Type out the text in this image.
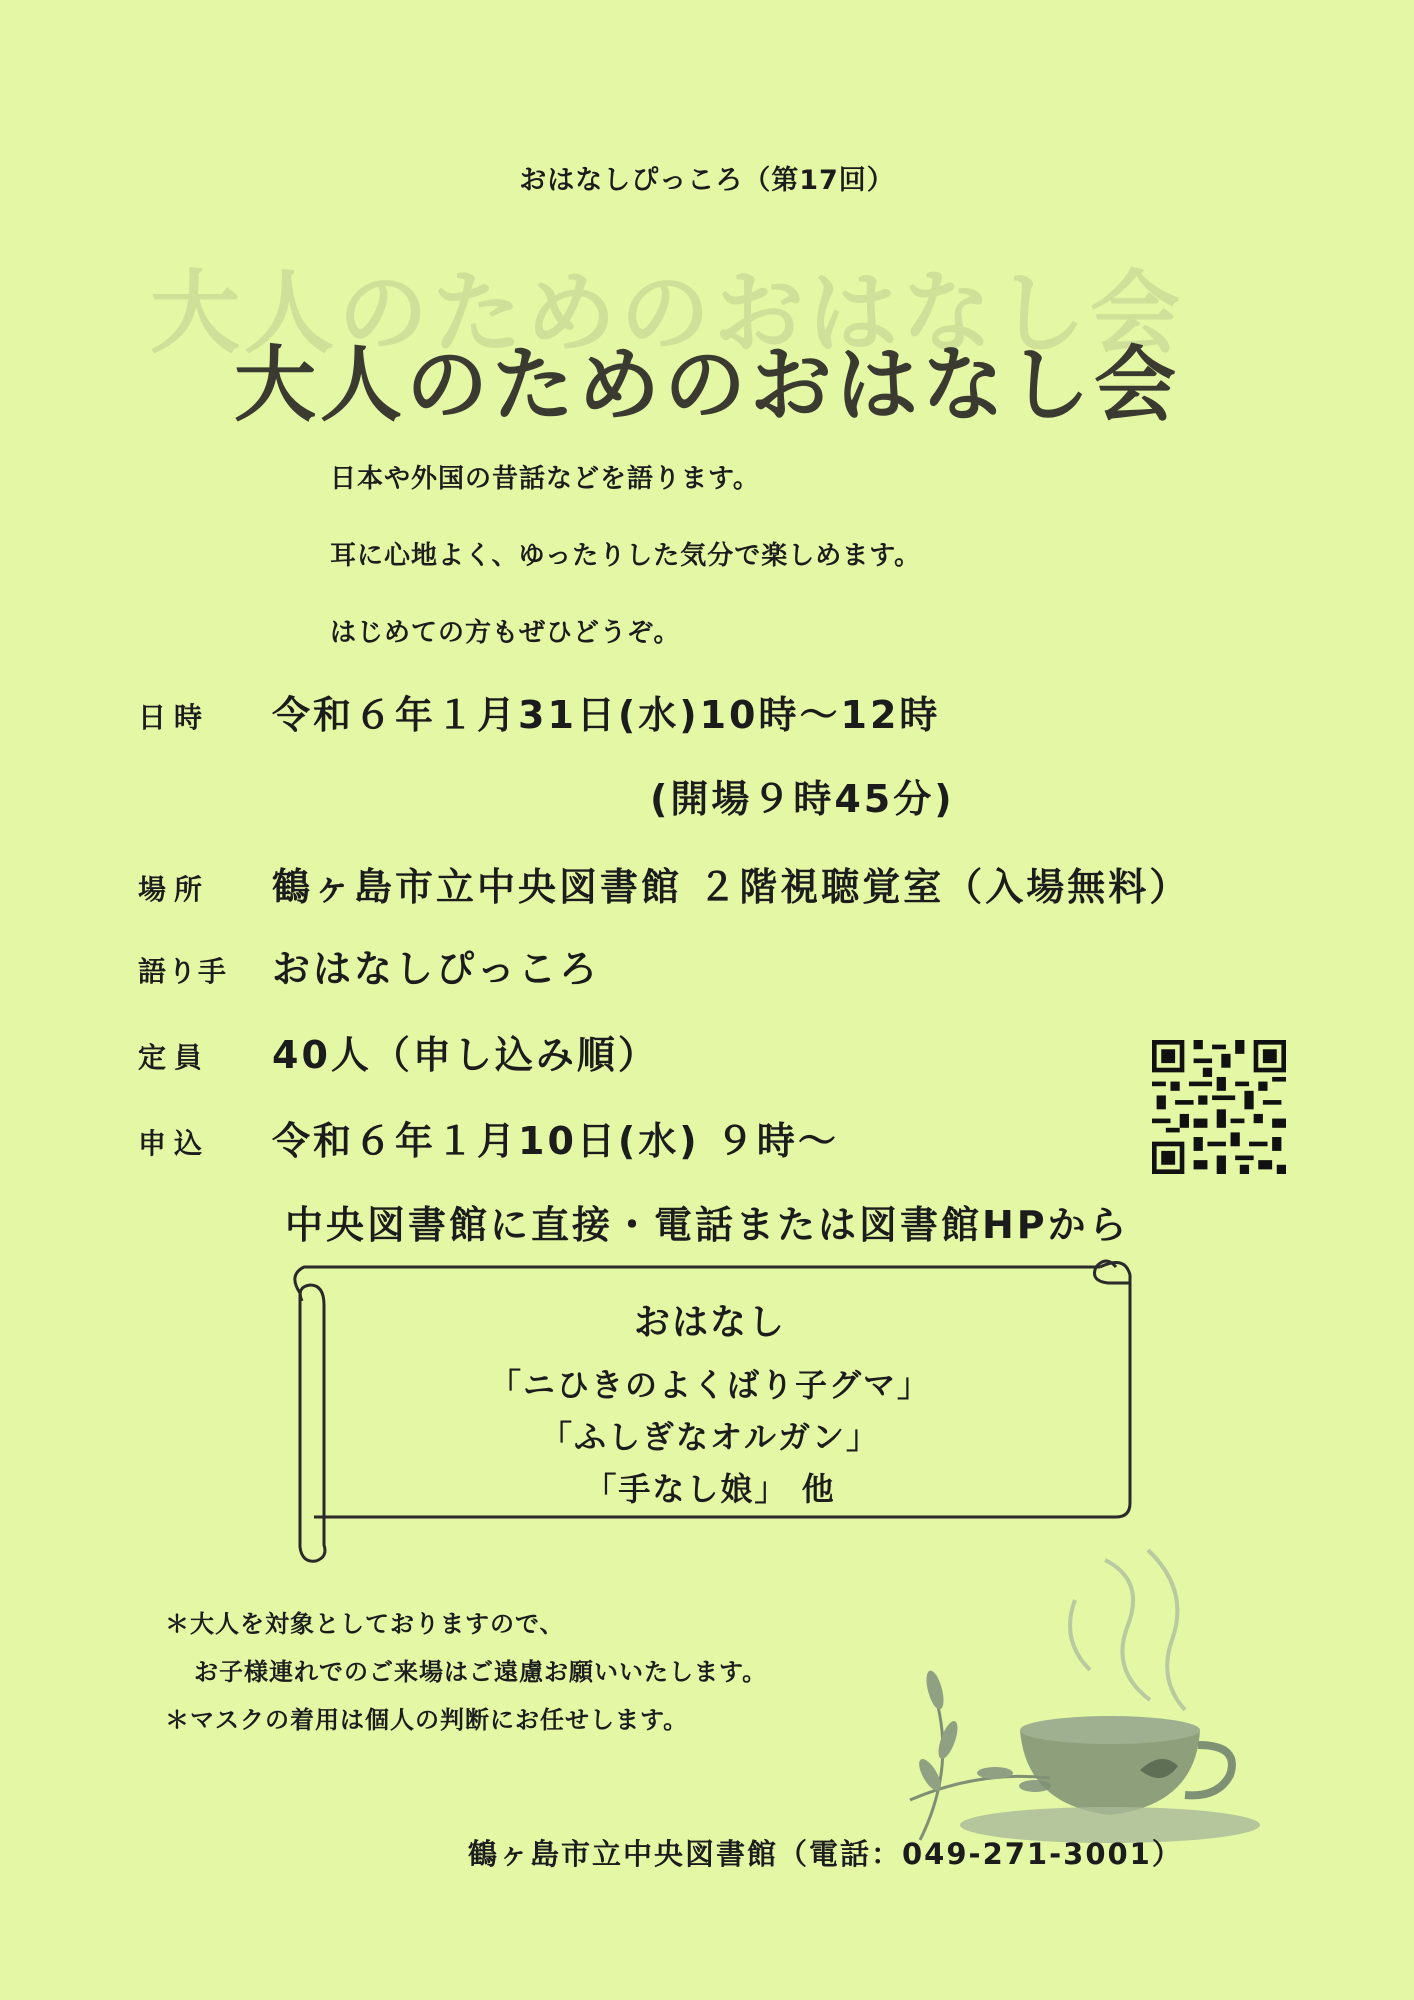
おはなしぴっころ（第17回）
大人のためのおはなし会
大人のためのおはなし会
日本や外国の昔話などを語ります。
耳に心地よく、ゆったりした気分で楽しめます。
はじめての方もぜひどうぞ。
日時 令和６年１月31日(水)10時～12時
(開場９時45分)
場所 鶴ヶ島市立中央図書館 ２階視聴覚室（入場無料）
語り手 おはなしぴっころ
定員 40人（申し込み順）
申込 令和６年１月10日(水) ９時～
中央図書館に直接・電話または図書館HPから
おはなし
「ニひきのよくばり子グマ」
「ふしぎなオルガン」
「手なし娘」 他
＊大人を対象としておりますので、
お子様連れでのご来場はご遠慮お願いいたします。
＊マスクの着用は個人の判断にお任せします。
鶴ヶ島市立中央図書館（電話：049-271-3001）
